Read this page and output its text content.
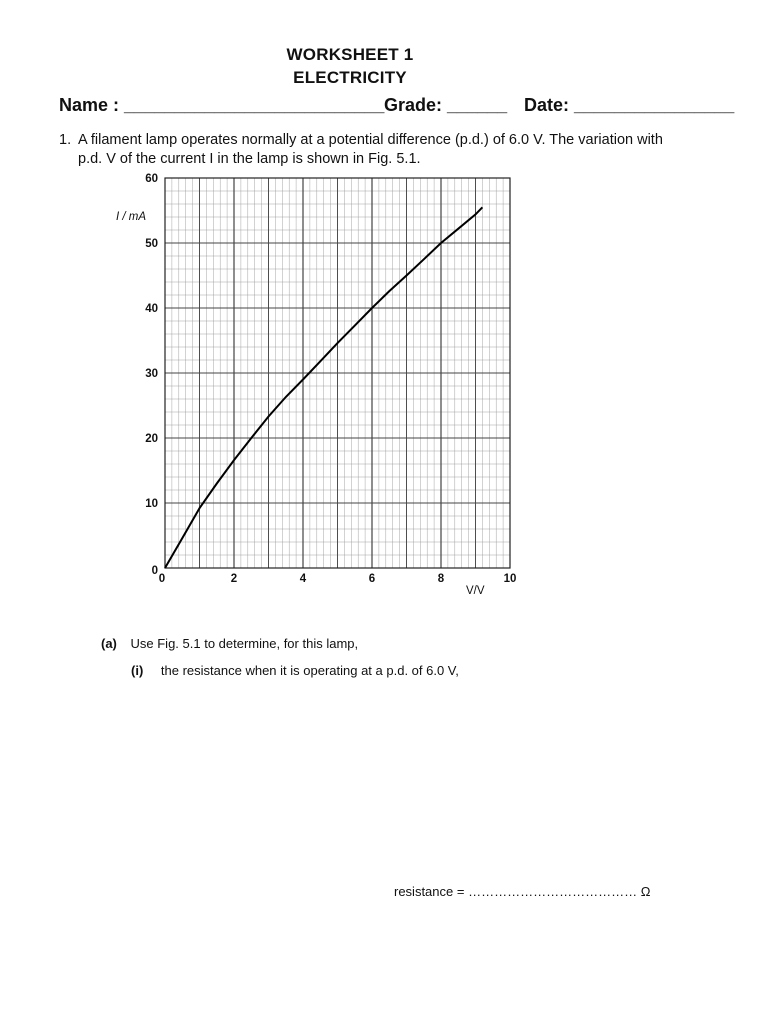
WORKSHEET 1
ELECTRICITY
Name : __________________________ Grade: ______ Date: ________________
1. A filament lamp operates normally at a potential difference (p.d.) of 6.0 V. The variation with
p.d. V of the current I in the lamp is shown in Fig. 5.1.
0
10
20
30
40
50
60
0	2	4	6	8	10
I / mA
V/V
(a) Use Fig. 5.1 to determine, for this lamp,
(i) the resistance when it is operating at a p.d. of 6.0 V,
resistance = ………………………………… Ω
